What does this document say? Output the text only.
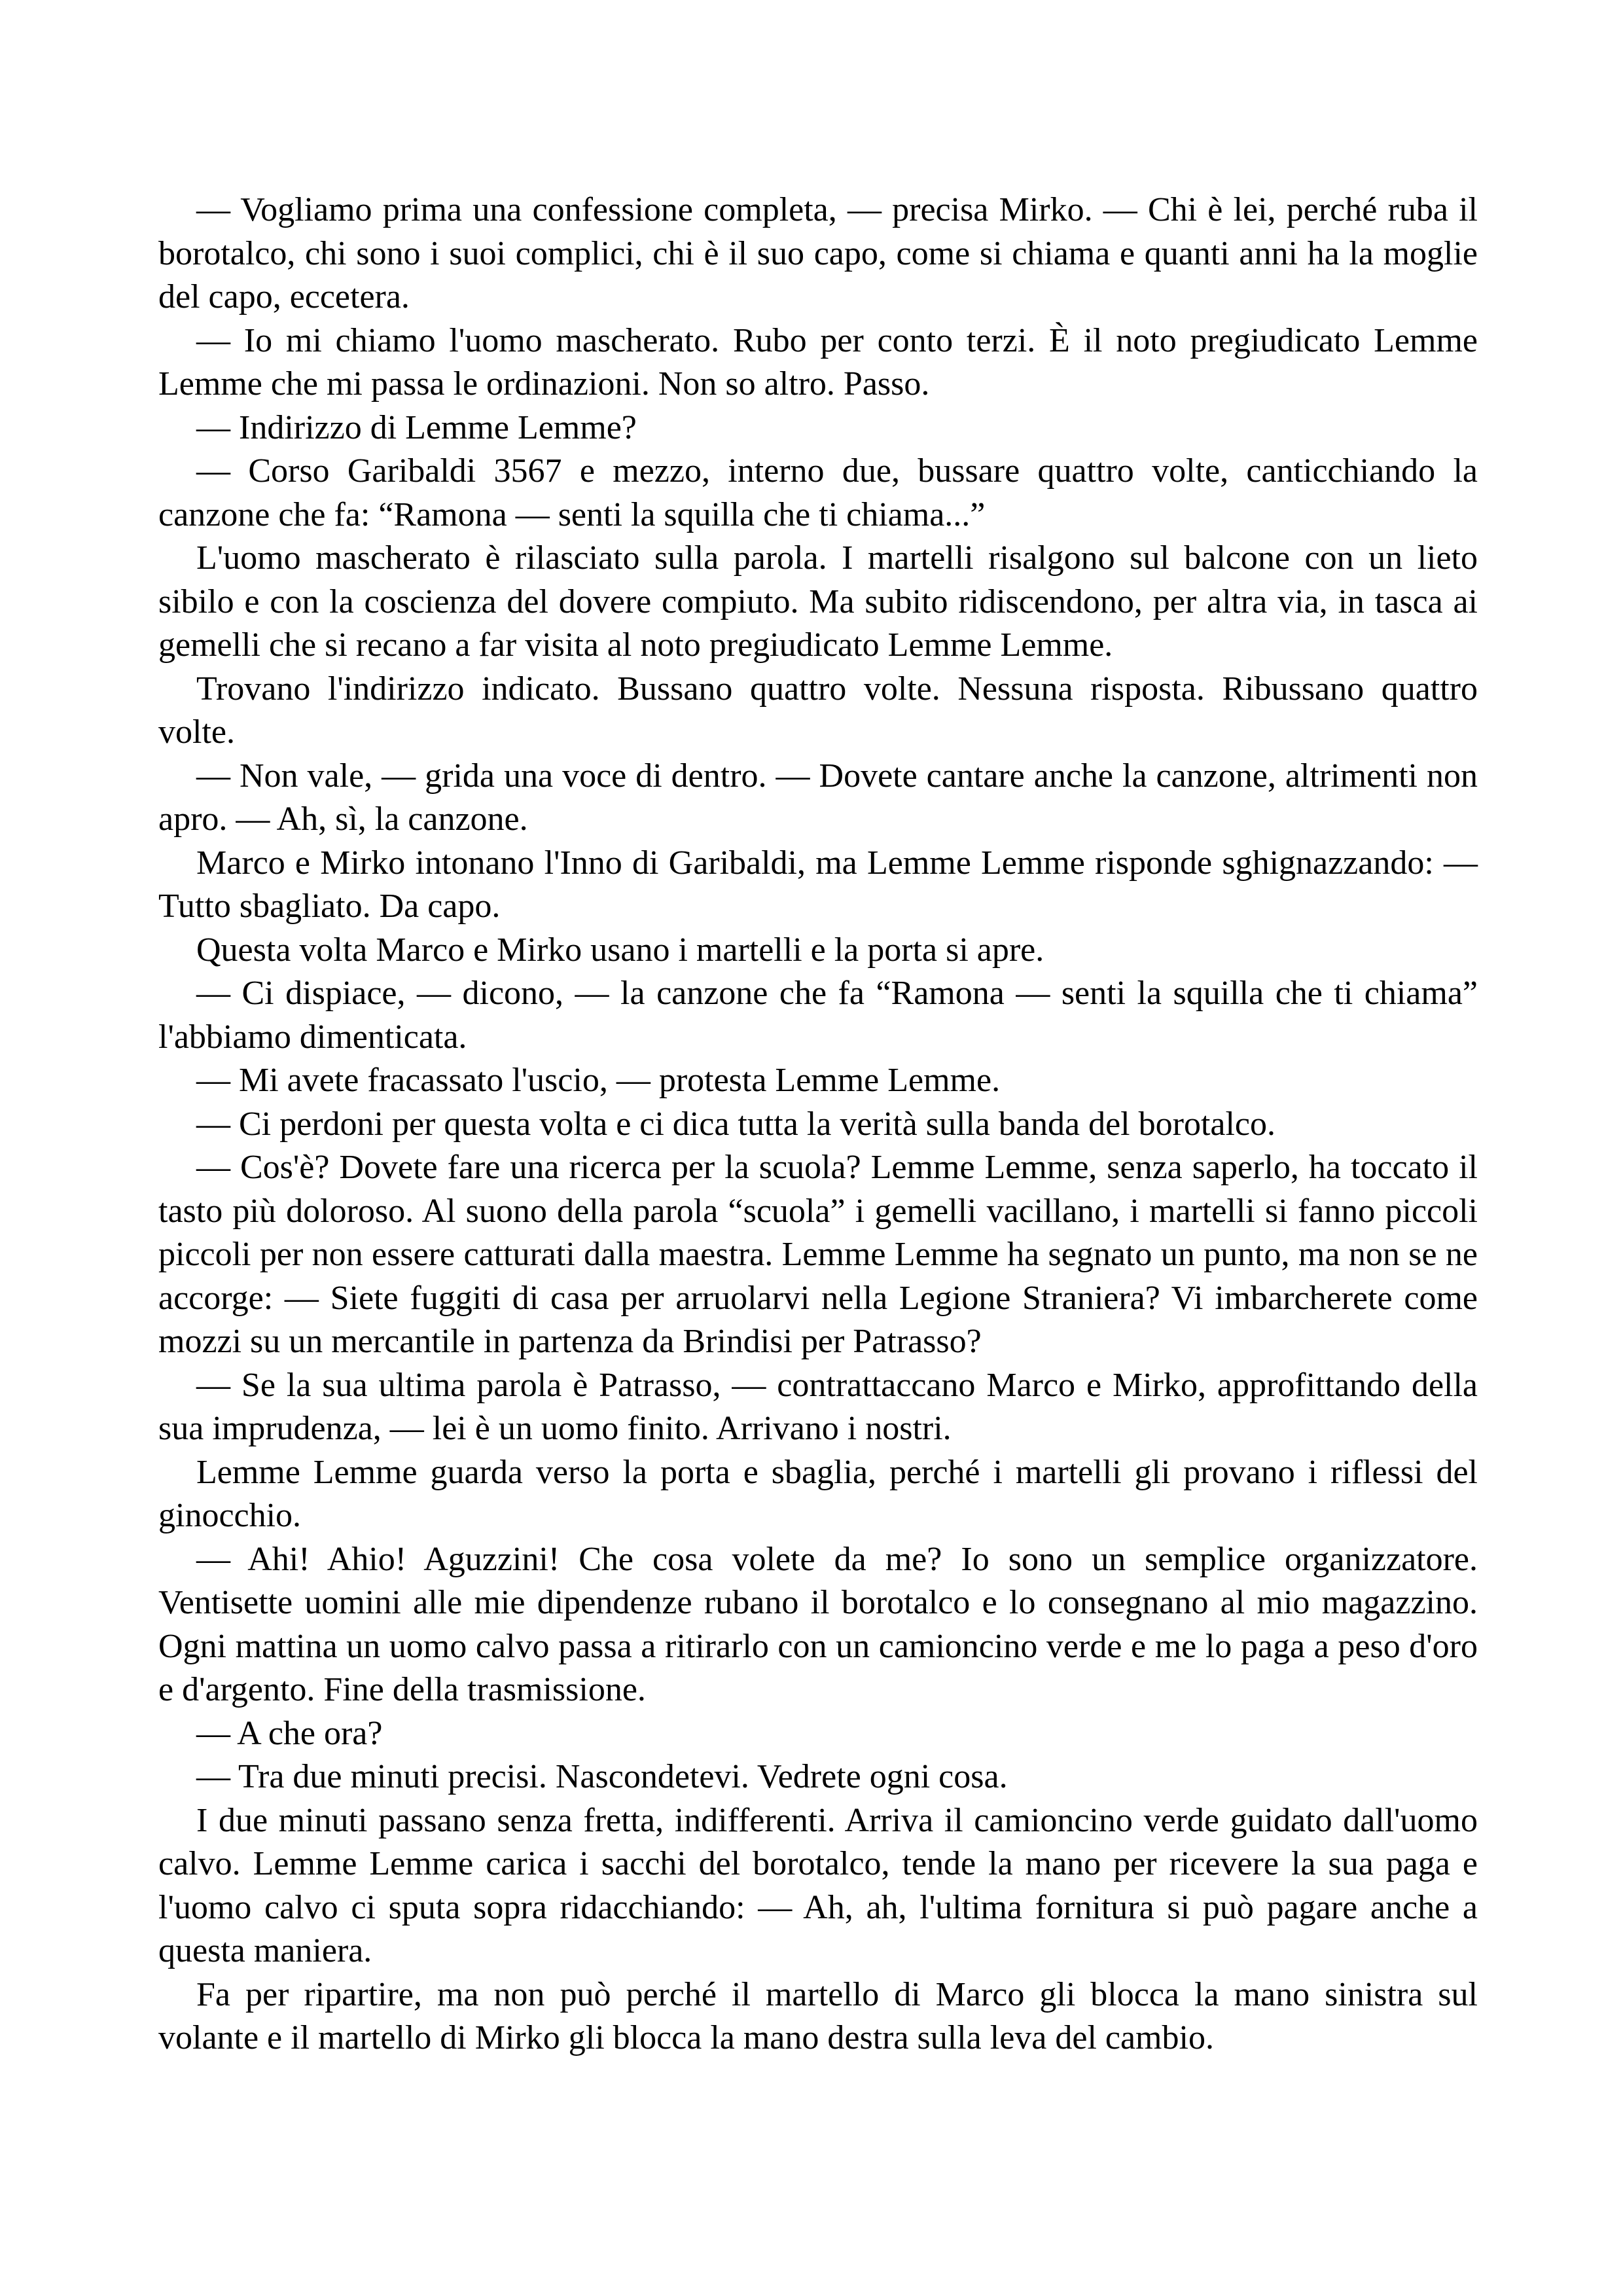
— Vogliamo prima una confessione completa, — precisa Mirko. — Chi è lei, perché ruba il borotalco, chi sono i suoi complici, chi è il suo capo, come si chiama e quanti anni ha la moglie del capo, eccetera.

— Io mi chiamo l'uomo mascherato. Rubo per conto terzi. È il noto pregiudicato Lemme Lemme che mi passa le ordinazioni. Non so altro. Passo.

— Indirizzo di Lemme Lemme?

— Corso Garibaldi 3567 e mezzo, interno due, bussare quattro volte, canticchiando la canzone che fa: “Ramona — senti la squilla che ti chiama...”

L'uomo mascherato è rilasciato sulla parola. I martelli risalgono sul balcone con un lieto sibilo e con la coscienza del dovere compiuto. Ma subito ridiscendono, per altra via, in tasca ai gemelli che si recano a far visita al noto pregiudicato Lemme Lemme.

Trovano l'indirizzo indicato. Bussano quattro volte. Nessuna risposta. Ribussano quattro volte.

— Non vale, — grida una voce di dentro. — Dovete cantare anche la canzone, altrimenti non apro. — Ah, sì, la canzone.

Marco e Mirko intonano l'Inno di Garibaldi, ma Lemme Lemme risponde sghignazzando: — Tutto sbagliato. Da capo.

Questa volta Marco e Mirko usano i martelli e la porta si apre.

— Ci dispiace, — dicono, — la canzone che fa “Ramona — senti la squilla che ti chiama” l'abbiamo dimenticata.

— Mi avete fracassato l'uscio, — protesta Lemme Lemme.

— Ci perdoni per questa volta e ci dica tutta la verità sulla banda del borotalco.

— Cos'è? Dovete fare una ricerca per la scuola? Lemme Lemme, senza saperlo, ha toccato il tasto più doloroso. Al suono della parola “scuola” i gemelli vacillano, i martelli si fanno piccoli piccoli per non essere catturati dalla maestra. Lemme Lemme ha segnato un punto, ma non se ne accorge: — Siete fuggiti di casa per arruolarvi nella Legione Straniera? Vi imbarcherete come mozzi su un mercantile in partenza da Brindisi per Patrasso?

— Se la sua ultima parola è Patrasso, — contrattaccano Marco e Mirko, approfittando della sua imprudenza, — lei è un uomo finito. Arrivano i nostri.

Lemme Lemme guarda verso la porta e sbaglia, perché i martelli gli provano i riflessi del ginocchio.

— Ahi! Ahio! Aguzzini! Che cosa volete da me? Io sono un semplice organizzatore. Ventisette uomini alle mie dipendenze rubano il borotalco e lo consegnano al mio magazzino. Ogni mattina un uomo calvo passa a ritirarlo con un camioncino verde e me lo paga a peso d'oro e d'argento. Fine della trasmissione.

— A che ora?

— Tra due minuti precisi. Nascondetevi. Vedrete ogni cosa.

I due minuti passano senza fretta, indifferenti. Arriva il camioncino verde guidato dall'uomo calvo. Lemme Lemme carica i sacchi del borotalco, tende la mano per ricevere la sua paga e l'uomo calvo ci sputa sopra ridacchiando: — Ah, ah, l'ultima fornitura si può pagare anche a questa maniera.

Fa per ripartire, ma non può perché il martello di Marco gli blocca la mano sinistra sul volante e il martello di Mirko gli blocca la mano destra sulla leva del cambio.
